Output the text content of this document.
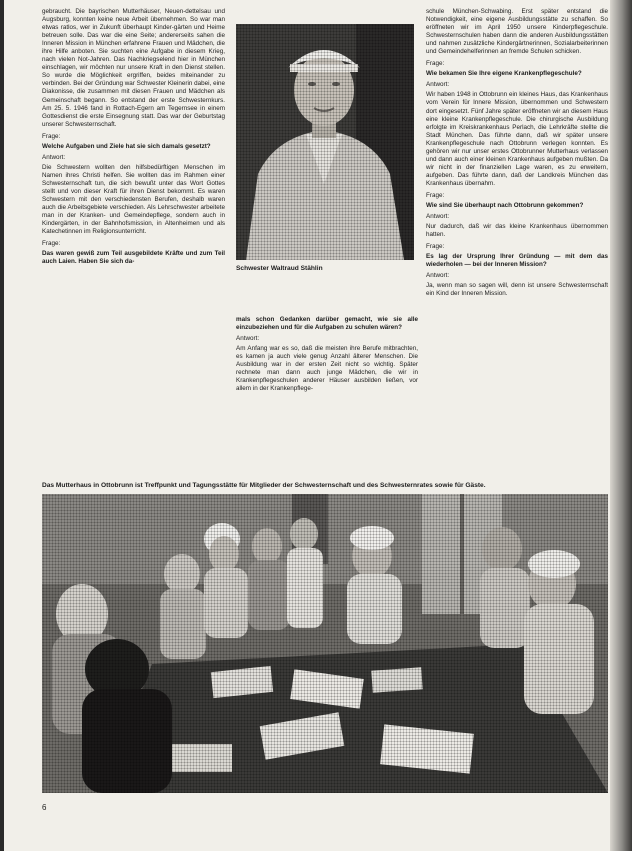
gebraucht. Die bayrischen Mutterhäuser, Neuen-dettelsau und Augsburg, konnten keine neue Arbeit übernehmen. So war man etwas ratlos, wer in Zukunft überhaupt Kinder-gärten und Heime betreuen solle. Das war die eine Seite; andererseits sahen die Inneren Mission in München erfahrene Frauen und Mädchen, die ihre Hilfe anboten. Sie suchten eine Aufgabe in diesem Krieg, nach vielen Not-Jahren. Das Nachkriegselend hier in München einschlagen, wir möchten nur unsere Kraft in den Dienst stellen. So wurde die Möglichkeit ergriffen, beides miteinander zu verbinden. Bei der Gründung war Schwester Kleinerin dabei, eine Diakonisse, die zusammen mit diesen Frauen und Mädchen als Gemeinschaft begann. So entstand der erste Schwesternkurs. Am 25. 5. 1946 fand in Rottach-Egern am Tegernsee in einem Gottesdienst die erste Einsegnung statt. Das war der Geburtstag unserer Schwesternschaft.

Frage:

Welche Aufgaben und Ziele hat sie sich damals gesetzt?

Antwort:

Die Schwestern wollten den hilfsbedürftigen Menschen im Namen ihres Christi helfen. Sie wollten das im Rahmen einer Schwesternschaft tun, die sich bewußt unter das Wort Gottes stellt und von dieser Kraft für ihren Dienst bekommt. Es waren Schwestern mit den verschiedensten Berufen, deshalb waren auch die Arbeitsgebiete verschieden. Als Lehrschwester arbeitete man in der Kranken- und Gemeindepflege, sondern auch in Kindergärten, in der Bahnhofsmission, in Altenheimen und als Katechetinnen im Religionsunterricht.

Frage:

Das waren gewiß zum Teil ausgebildete Kräfte und zum Teil auch Laien. Haben Sie sich da-

Schwester Waltraud Stählin

mals schon Gedanken darüber gemacht, wie sie alle einzubeziehen und für die Aufgaben zu schulen wären?

Antwort:

Am Anfang war es so, daß die meisten ihre Berufe mitbrachten, es kamen ja auch viele genug Anzahl älterer Menschen. Die Ausbildung war in der ersten Zeit nicht so wichtig. Später rechnete man dann auch junge Mädchen, die wir in Krankenpflegeschulen anderer Häuser ausbilden ließen, vor allem in der Krankenpflege-

schule München-Schwabing. Erst später entstand die Notwendigkeit, eine eigene Ausbildungsstätte zu schaffen. So eröffneten wir im April 1950 unsere Kinderpflegeschule. Schwesternschulen haben dann die anderen Ausbildungsstätten und nahmen zusätzliche Kindergärtnerinnen, Sozialarbeiterinnen und Gemeindehelferinnen an fremde Schulen schicken.

Frage:

Wie bekamen Sie Ihre eigene Krankenpflegeschule?

Antwort:

Wir haben 1948 in Ottobrunn ein kleines Haus, das Krankenhaus vom Verein für Innere Mission, übernommen und Schwestern dort eingesetzt. Fünf Jahre später eröffneten wir an diesem Haus eine kleine Krankenpflegeschule. Die chirurgische Ausbildung erfolgte im Kreiskrankenhaus Perlach, die Lehrkräfte stellte die Stadt München. Das führte dann, daß wir später unsere Krankenpflegeschule nach Ottobrunn verlegen konnten. Es gehören wir nur unser erstes Ottobrunner Mutterhaus verlassen und dann auch einer kleinen Krankenhaus aufgeben mußten. Da wir nicht in der finanziellen Lage waren, es zu erweitern, aufgeben. Das führte dann, daß der Landkreis München das Krankenhaus übernahm.

Frage:

Wie sind Sie überhaupt nach Ottobrunn gekommen?

Antwort:

Nur dadurch, daß wir das kleine Krankenhaus übernommen hatten.

Frage:

Es lag der Ursprung Ihrer Gründung — mit dem das wiederholen — bei der Inneren Mission?

Antwort:

Ja, wenn man so sagen will, denn ist unsere Schwesternschaft ein Kind der Inneren Mission.

Das Mutterhaus in Ottobrunn ist Treffpunkt und Tagungsstätte für Mitglieder der Schwesternschaft und des Schwesternrates sowie für Gäste.
6
